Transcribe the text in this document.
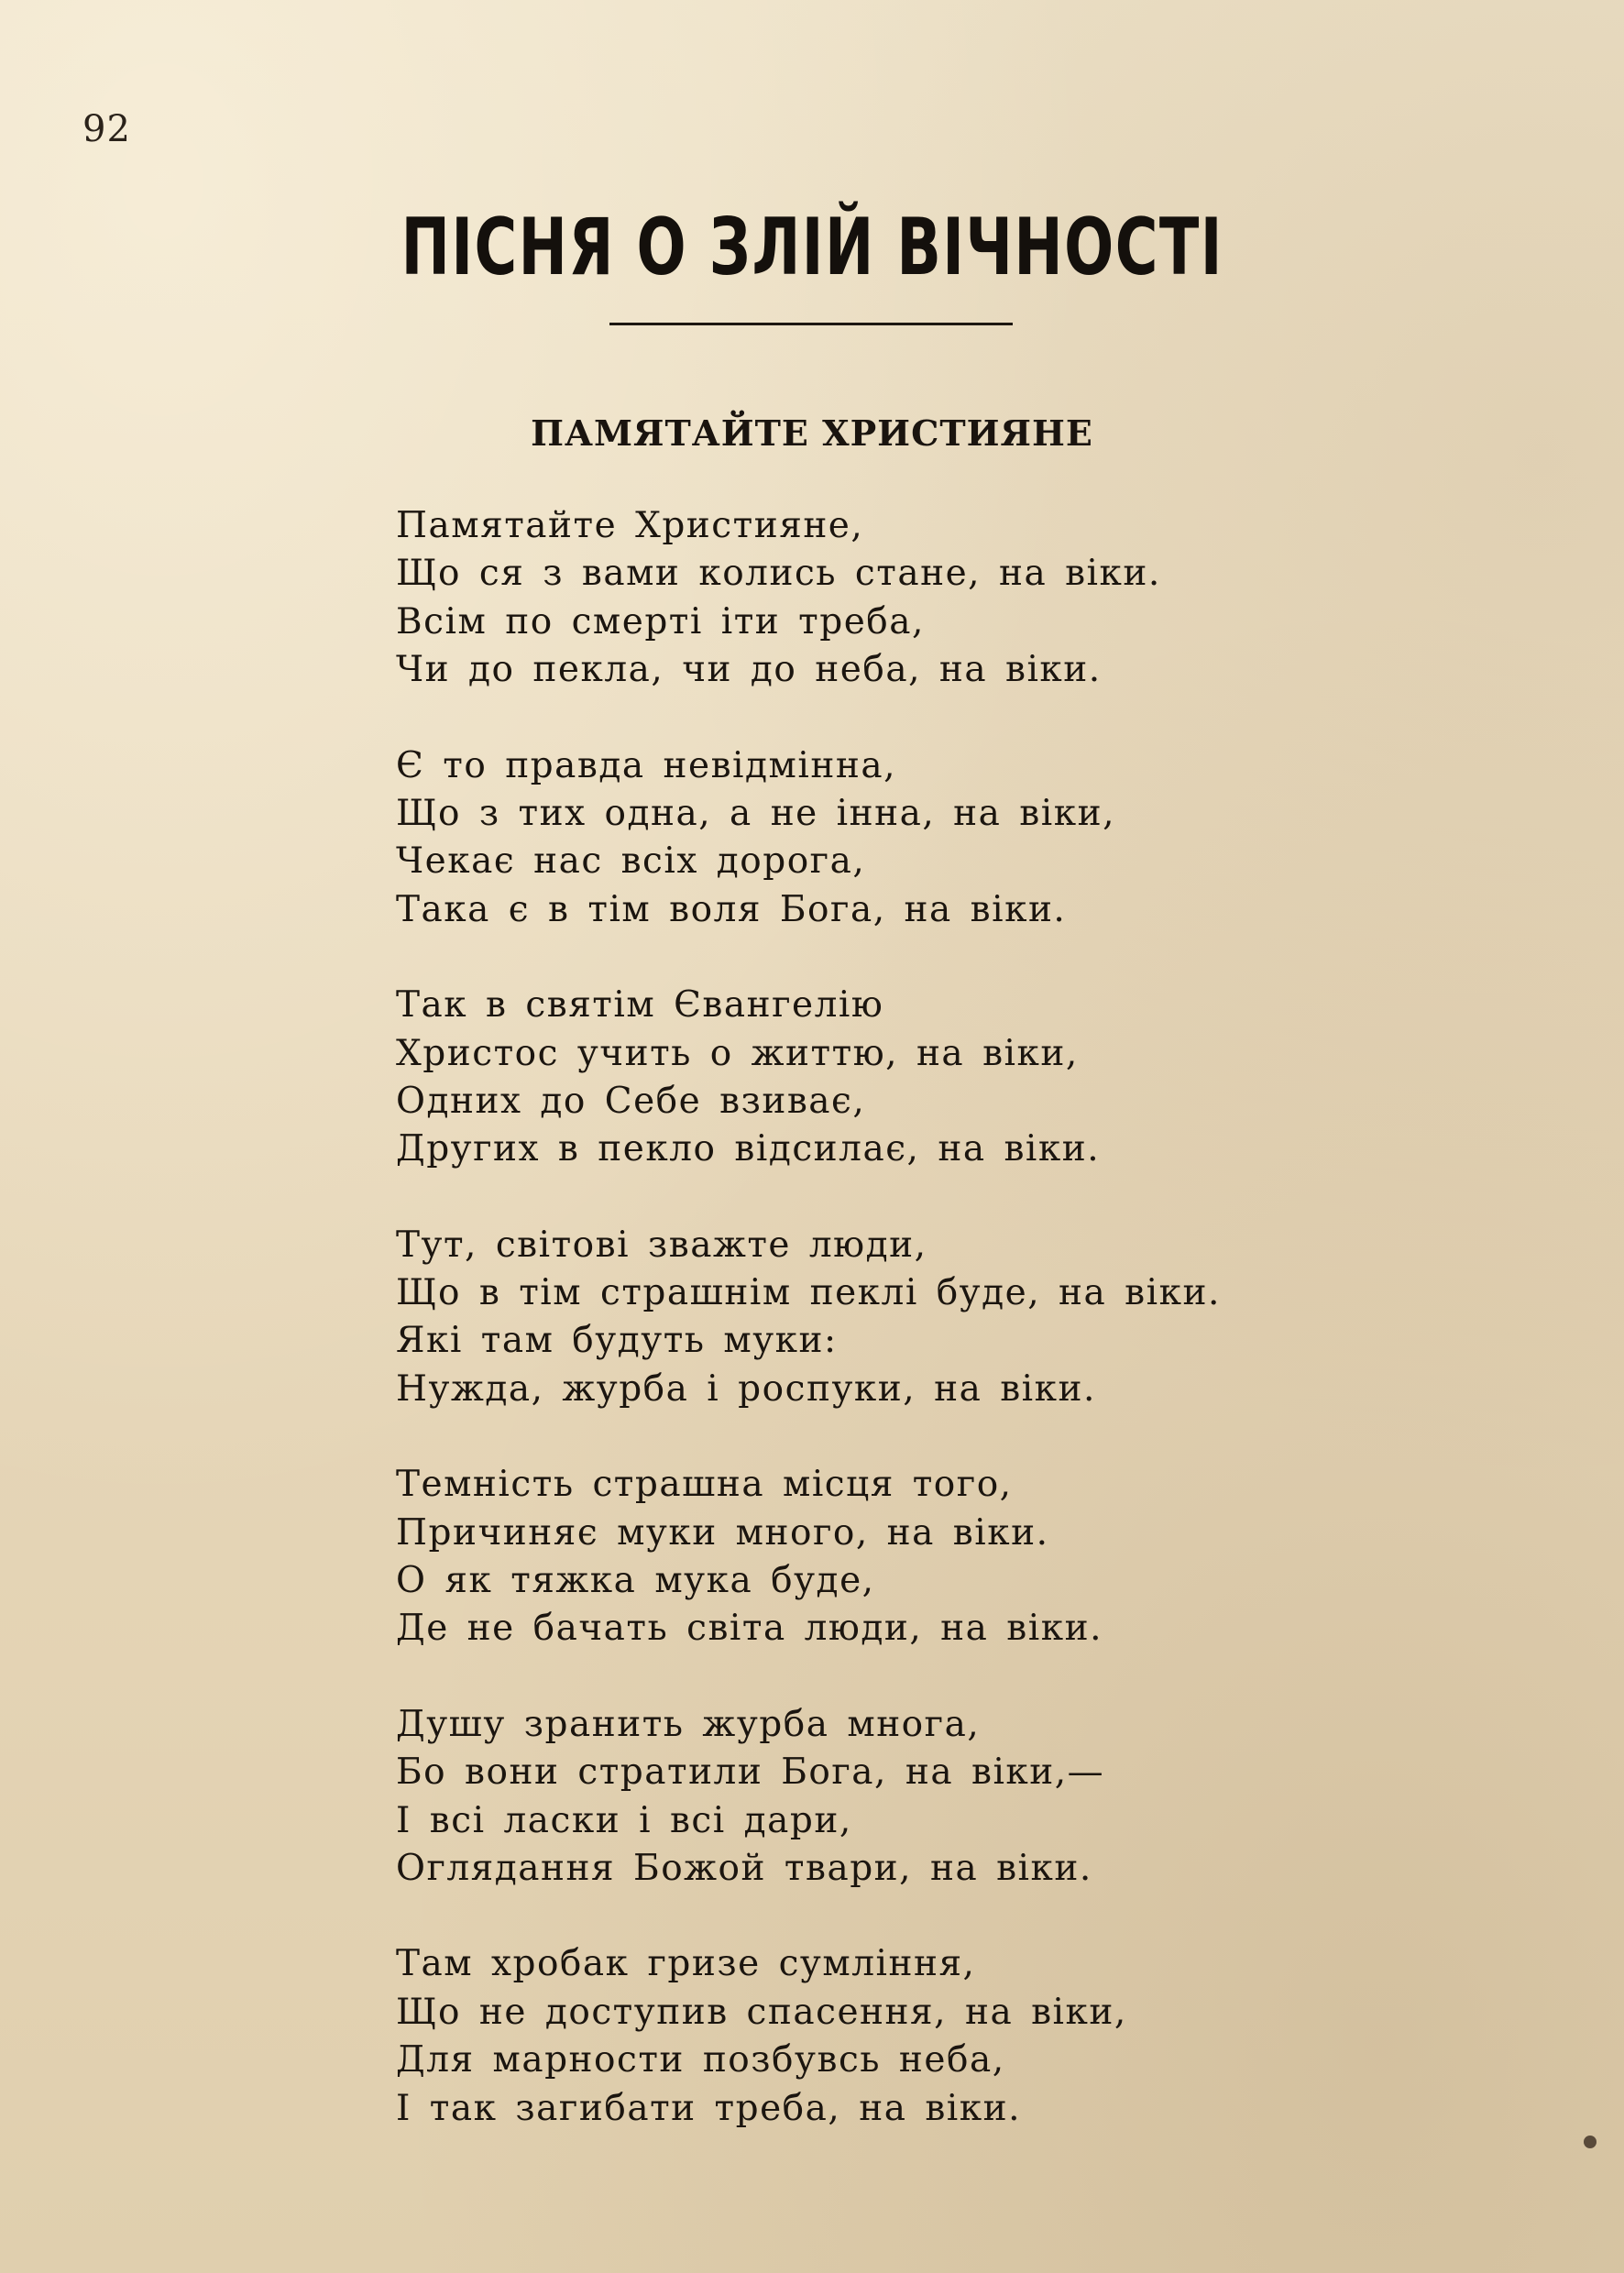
92
ПІСНЯ О ЗЛІЙ ВІЧНОСТІ
ПАМЯТАЙТЕ ХРИСТИЯНЕ
Памятайте Християне,
Що ся з вами колись стане, на віки.
Всім по смерті іти треба,
Чи до пекла, чи до неба, на віки.
Є то правда невідмінна,
Що з тих одна, а не інна, на віки,
Чекає нас всіх дорога,
Така є в тім воля Бога, на віки.
Так в святім Євангелію
Христос учить о життю, на віки,
Одних до Себе взиває,
Других в пекло відсилає, на віки.
Тут, світові зважте люди,
Що в тім страшнім пеклі буде, на віки.
Які там будуть муки:
Нужда, журба і роспуки, на віки.
Темність страшна місця того,
Причиняє муки много, на віки.
О як тяжка мука буде,
Де не бачать світа люди, на віки.
Душу зранить журба многа,
Бо вони стратили Бога, на віки,—
І всі ласки і всі дари,
Оглядання Божой твари, на віки.
Там хробак гризе сумління,
Що не доступив спасення, на віки,
Для марности позбувсь неба,
І так загибати треба, на віки.
